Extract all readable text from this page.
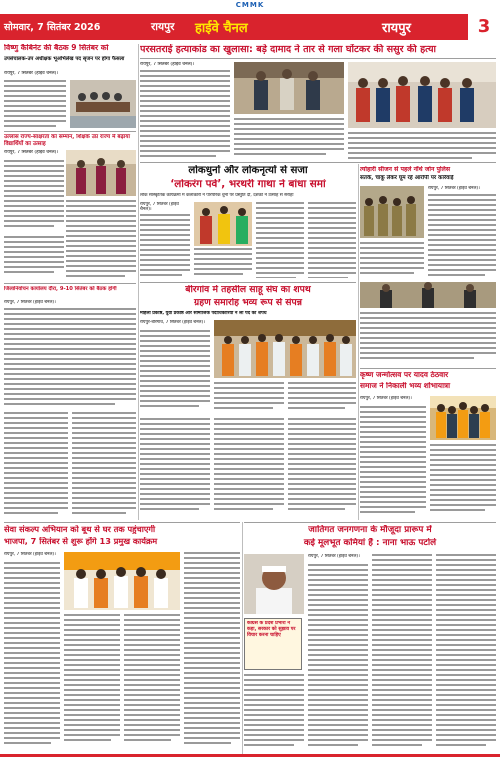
CMMK
सोमवार, 7 सितंबर 2026	रायपुर हाईवे चैनल	रायपुर	3
विष्णु कैबिनेट की बैठक 9 सितंबर को
उपसंचालक-उप अधीक्षक भूअभिलेख पद सृजन पर होगा फैसला
रायपुर, 7 सितंबर (हाईवे चैनल)।
परसतराई हत्याकांड का खुलासा: बड़े दामाद ने तार से गला घोंटकर की ससुर की हत्या
रायपुर, 7 सितंबर (हाईवे चैनल)।
उल्लास राज्य-साक्षरता का सम्मान, शिक्षक उप्र राज्य में बढ़ाया विद्यार्थियों का उत्साह
रायपुर, 7 सितंबर (हाईवे चैनल)।
लोकधुनों और लोकनृत्यों से सजा
‘लोकरंग पर्व’, भरथरी गाथा ने बांधा समां
लोक सांस्कृतिक कार्यक्रमों में कलाकारों ने पारंपरिक धुनों पर प्रस्तुति दी, दर्शकों ने उत्साह से सराहा
रायपुर, 7 सितंबर (हाईवे चैनल)।
त्योहारी सीजन से पहले नॉर्थ जोन पुलिस
सतर्क, चाकू लेकर घूम रहे आरोपी पर कार्रवाई
रायपुर, 7 सितंबर (हाईवे चैनल)।
जिलानिर्वाचन कार्यालय दौरा, 9-10 सितंबर को बैठक होगी
रायपुर, 7 सितंबर (हाईवे चैनल)।
बीरगांव में तहसील साहू संघ का शपथ
ग्रहण समारोह भव्य रूप से संपन्न
महिला प्रकोष्ठ, युवा प्रकोष्ठ और सामाजिक पदाधिकारियों ने ली पद की शपथ
रायपुर-बीरगांव, 7 सितंबर (हाईवे चैनल)।
कृष्ण जन्मोत्सव पर यादव ठेठवार
समाज ने निकाली भव्य शोभायात्रा
रायपुर, 7 सितंबर (हाईवे चैनल)।
सेवा संकल्प अभियान को बूथ से घर तक पहुंचाएगी
भाजपा, 7 सितंबर से शुरू होंगे 13 प्रमुख कार्यक्रम
रायपुर, 7 सितंबर (हाईवे चैनल)।
जातिगत जनगणना के मौजूदा प्रारूप में
कई मूलभूत कमियां हैं : नाना भाऊ पटोले
कांग्रेस के प्रदेश प्रभारी ने कहा, सरकार को सुझाव पर विचार करना चाहिए
रायपुर, 7 सितंबर (हाईवे चैनल)।
